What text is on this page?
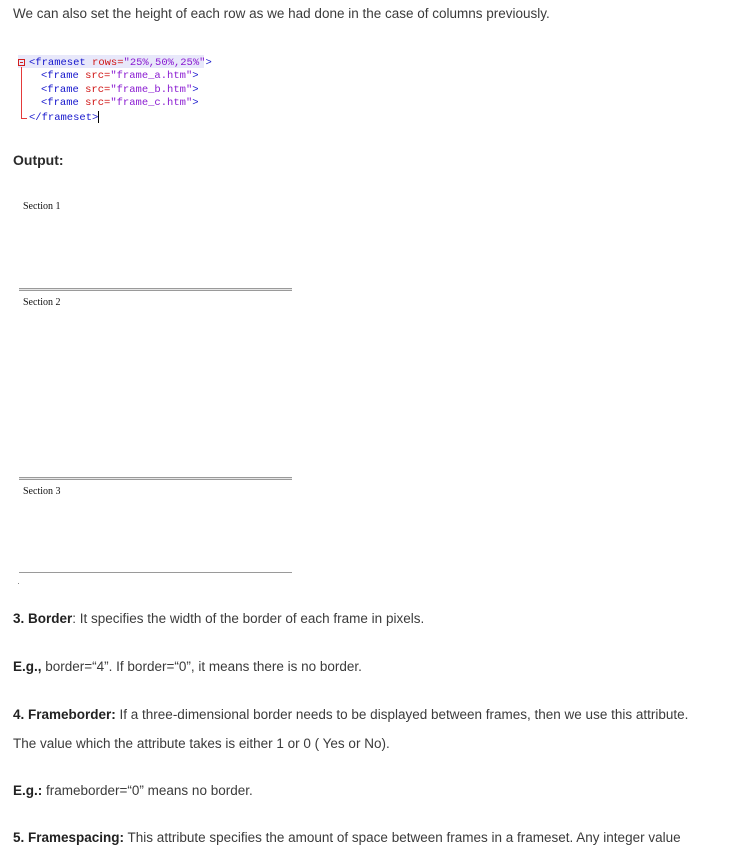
We can also set the height of each row as we had done in the case of columns previously.

<frameset rows="25%,50%,25%">
<frame src="frame_a.htm">
<frame src="frame_b.htm">
<frame src="frame_c.htm">
</frameset>

Output:

Section 1

Section 2

Section 3

3. Border: It specifies the width of the border of each frame in pixels.

E.g., border=“4”. If border=“0”, it means there is no border.

4. Frameborder: If a three-dimensional border needs to be displayed between frames, then we use this attribute.

The value which the attribute takes is either 1 or 0 ( Yes or No).

E.g.: frameborder=“0” means no border.

5. Framespacing: This attribute specifies the amount of space between frames in a frameset. Any integer value
